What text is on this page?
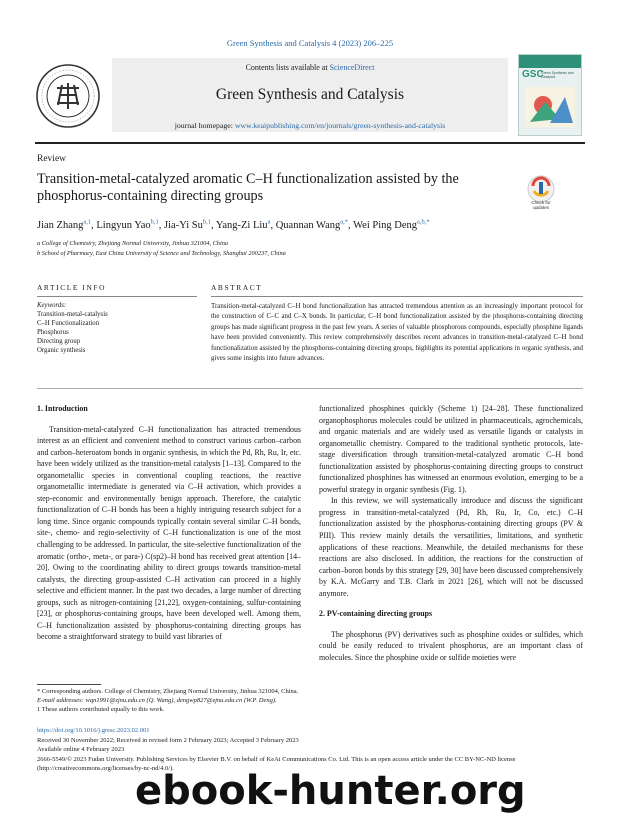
Green Synthesis and Catalysis 4 (2023) 206–225
Contents lists available at ScienceDirect
Green Synthesis and Catalysis
journal homepage: www.keaipublishing.com/en/journals/green-synthesis-and-catalysis
GSC
Green Synthesis and Catalysis
Review
Transition-metal-catalyzed aromatic C–H functionalization assisted by the phosphorus-containing directing groups	Check for
updates
Jian Zhang$^{a,1}$, Lingyun Yao$^{b,1}$, Jia-Yi Su$^{b,1}$, Yang-Zi Liu$^a$, Quannan Wang$^{a,*}$, Wei Ping Deng$^{a,b,*}$
a College of Chemistry, Zhejiang Normal University, Jinhua 321004, China
b School of Pharmacy, East China University of Science and Technology, Shanghai 200237, China
ARTICLE INFO	ABSTRACT
Keywords:
Transition-metal-catalysis
C–H Functionalization
Phosphorus
Directing group
Organic synthesis
Transition-metal-catalyzed C–H bond functionalization has attracted tremendous attention as an increasingly important protocol for the construction of C–C and C–X bonds. In particular, C–H bond functionalization assisted by the phosphorus-containing directing groups has made significant progress in the past few years. A series of valuable phosphorous compounds, especially phosphine ligands have been provided conveniently. This review comprehensively describes recent advances in transition-metal-catalyzed C–H bond functionalization assisted by the phosphorus-containing directing groups, highlights its potential applications in organic synthesis, and gives some insights into future advances.
1. Introduction

Transition-metal-catalyzed C–H functionalization has attracted tremendous interest as an efficient and convenient method to construct various carbon–carbon and carbon–heteroatom bonds in organic synthesis, in which the Pd, Rh, Ru, Ir, etc. have been widely utilized as the transition-metal catalysts [1–13]. Compared to the organometallic species in conventional coupling reactions, the reactive organometallic intermediate is generated via C–H activation, which provides a step-economic and environmentally benign approach. Therefore, the catalytic functionalization of C–H bonds has been a highly intriguing research subject for a long time. Since organic compounds typically contain several similar C–H bonds, site-, chemo- and regio-selectivity of C–H functionalization is one of the most challenging to be addressed. In particular, the site-selective functionalization of the aromatic (ortho-, meta-, or para-) C(sp2)–H bond has received great attention [14–20]. Owing to the coordinating ability to direct groups towards transition-metal catalysts, the directing group-assisted C–H activation can proceed in a highly selective and efficient manner. In the past two decades, a large number of directing groups, such as nitrogen-containing [21,22], oxygen-containing, sulfur-containing [23], or phosphorus-containing groups, have been developed well. Among them, C–H functionalization assisted by phosphorus-containing directing groups has become a straightforward strategy to build vast libraries of

functionalized phosphines quickly (Scheme 1) [24–28]. These functionalized organophosphorus molecules could be utilized in pharmaceuticals, agrochemicals, and organic materials and are widely used as versatile ligands or catalysts in organometallic chemistry. Compared to the traditional synthetic protocols, late-stage diversification through transition-metal-catalyzed aromatic C–H bond functionalization assisted by phosphorus-containing directing groups to construct functionalized phosphines has witnessed an enormous evolution, emerging to be a powerful strategy in organic synthesis (Fig. 1).

In this review, we will systematically introduce and discuss the significant progress in transition-metal-catalyzed (Pd, Rh, Ru, Ir, Co, etc.) C–H functionalization assisted by the phosphorus-containing directing groups (PV & PIII). This review mainly details the versatilities, limitations, and synthetic applications of these reactions. Meanwhile, the detailed mechanisms for these reactions are also disclosed. In addition, the reactions for the construction of carbon–boron bonds by this strategy [29, 30] have been discussed comprehensively by K.A. McGarry and T.B. Clark in 2021 [26], which will not be discussed anymore.

2. PV-containing directing groups

The phosphorus (PV) derivatives such as phosphine oxides or sulfides, which could be easily reduced to trivalent phosphorus, are an important class of molecules. Since the phosphine oxide or sulfide moieties were

* Corresponding authors. College of Chemistry, Zhejiang Normal University, Jinhua 321004, China.
E-mail addresses: wqn1991@zjnu.edu.cn (Q. Wang), dengwp827@zjnu.edu.cn (W.P. Deng).
1 These authors contributed equally to this work.
https://doi.org/10.1016/j.gresc.2023.02.001
Received 30 November 2022; Received in revised form 2 February 2023; Accepted 3 February 2023
Available online 4 February 2023
2666-5549/© 2023 Fudan University. Publishing Services by Elsevier B.V. on behalf of KeAi Communications Co. Ltd. This is an open access article under the CC BY-NC-ND license (http://creativecommons.org/licenses/by-nc-nd/4.0/).
ebook-hunter.org
